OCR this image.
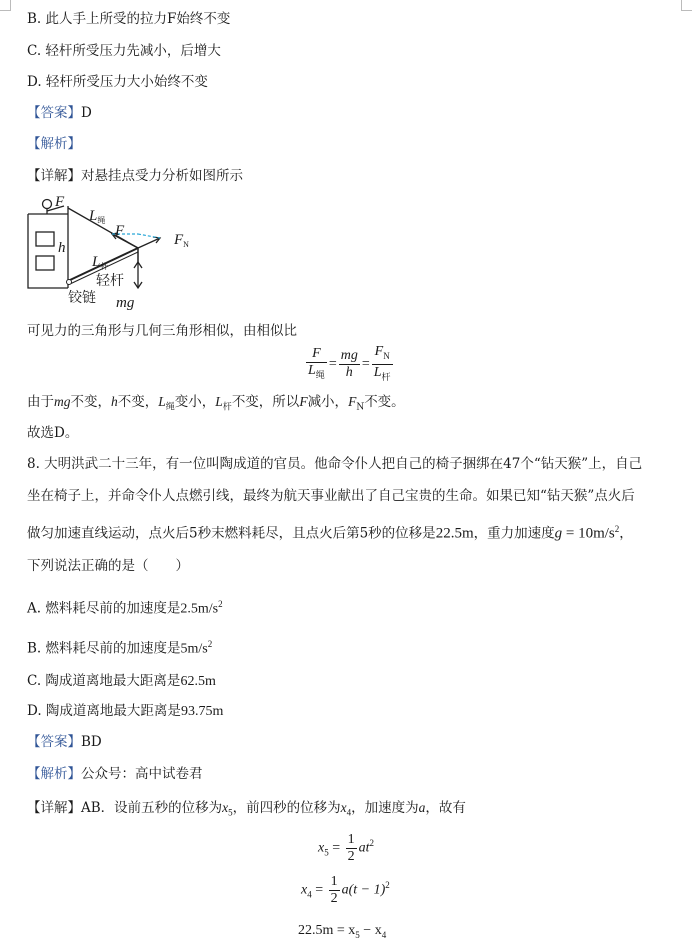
B. 此人手上所受的拉力F始终不变
C. 轻杆所受压力先减小，后增大
D. 轻杆所受压力大小始终不变
【答案】D
【解析】
【详解】对悬挂点受力分析如图所示
F
$L_绳$
F
$F_N$
h
$L_杆$
mg
轻杆
铰链
可见力的三角形与几何三角形相似，由相似比
$\frac{F}{L_绳} = \frac{mg}{h} = \frac{F_N}{L_杆}$
由于mg不变，h不变，$L_绳$变小，$L_杆$不变，所以F减小，$F_N$不变。
故选D。
8. 大明洪武二十三年，有一位叫陶成道的官员。他命令仆人把自己的椅子捆绑在47个“钻天猴”上，自己
坐在椅子上，并命令仆人点燃引线，最终为航天事业献出了自己宝贵的生命。如果已知“钻天猴”点火后
做匀加速直线运动，点火后5秒末燃料耗尽，且点火后第5秒的位移是22.5m，重力加速度$g = 10m/s^2$，
下列说法正确的是（　　）
A. 燃料耗尽前的加速度是$2.5m/s^2$
B. 燃料耗尽前的加速度是$5m/s^2$
C. 陶成道离地最大距离是62.5m
D. 陶成道离地最大距离是93.75m
【答案】BD
【解析】公众号：高中试卷君
【详解】AB．设前五秒的位移为$x_5$，前四秒的位移为$x_4$，加速度为a，故有
$x_5 = \frac{1}{2} at^2$
$x_4 = \frac{1}{2} a(t - 1)^2$
$22.5m = x_5 - x_4$
